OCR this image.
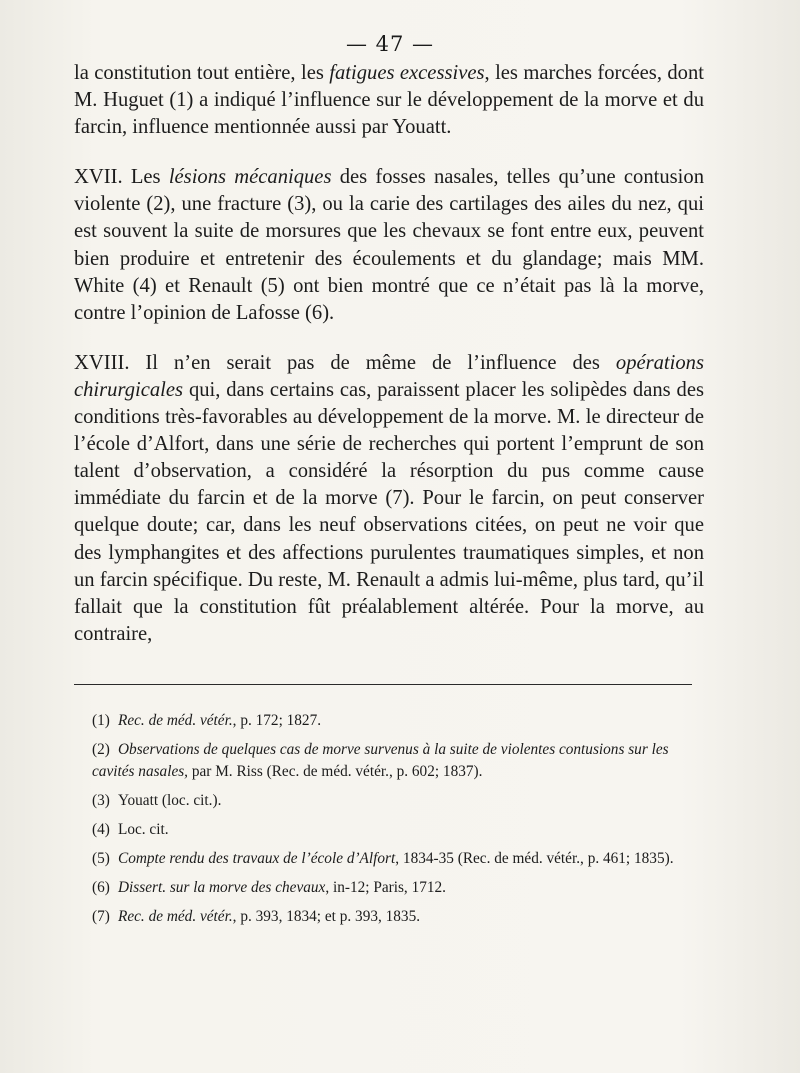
— 47 —

la constitution tout entière, les fatigues excessives, les marches forcées, dont M. Huguet (1) a indiqué l’influence sur le développement de la morve et du farcin, influence mentionnée aussi par Youatt.

XVII. Les lésions mécaniques des fosses nasales, telles qu’une contusion violente (2), une fracture (3), ou la carie des cartilages des ailes du nez, qui est souvent la suite de morsures que les chevaux se font entre eux, peuvent bien produire et entretenir des écoulements et du glandage; mais MM. White (4) et Renault (5) ont bien montré que ce n’était pas là la morve, contre l’opinion de Lafosse (6).

XVIII. Il n’en serait pas de même de l’influence des opérations chirurgicales qui, dans certains cas, paraissent placer les solipèdes dans des conditions très-favorables au développement de la morve. M. le directeur de l’école d’Alfort, dans une série de recherches qui portent l’emprunt de son talent d’observation, a considéré la résorption du pus comme cause immédiate du farcin et de la morve (7). Pour le farcin, on peut conserver quelque doute; car, dans les neuf observations citées, on peut ne voir que des lymphangites et des affections purulentes traumatiques simples, et non un farcin spécifique. Du reste, M. Renault a admis lui-même, plus tard, qu’il fallait que la constitution fût préalablement altérée. Pour la morve, au contraire,

(1) Rec. de méd. vétér., p. 172; 1827.

(2) Observations de quelques cas de morve survenus à la suite de violentes contusions sur les cavités nasales, par M. Riss (Rec. de méd. vétér., p. 602; 1837).

(3) Youatt (loc. cit.).

(4) Loc. cit.

(5) Compte rendu des travaux de l’école d’Alfort, 1834-35 (Rec. de méd. vétér., p. 461; 1835).

(6) Dissert. sur la morve des chevaux, in-12; Paris, 1712.

(7) Rec. de méd. vétér., p. 393, 1834; et p. 393, 1835.
